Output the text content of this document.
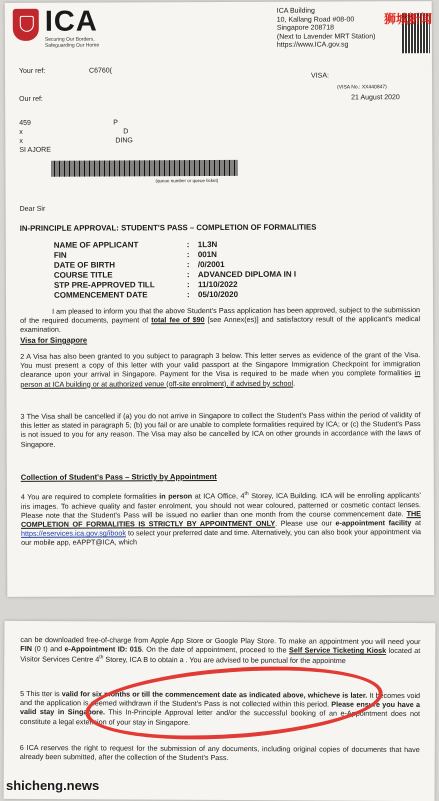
ICA
Securing Our Borders,
Safeguarding Our Home
ICA Building
10, Kallang Road #08-00
Singapore 208718
(Next to Lavender MRT Station)
https://www.ICA.gov.sg
Your ref:	C6760(
Our ref:
VISA:
(VISA No.: XX440847)
21 August 2020
459
x
x
SI AJORE
P
D
DING
(queue number or queue ticket)
Dear Sir
IN-PRINCIPLE APPROVAL: STUDENT'S PASS – COMPLETION OF FORMALITIES
NAME OF APPLICANT	: 1L3N
FIN	: 001N
DATE OF BIRTH	: /0/2001
COURSE TITLE	: ADVANCED DIPLOMA IN I
STP PRE-APPROVED TILL	: 11/10/2022
COMMENCEMENT DATE	: 05/10/2020
I am pleased to inform you that the above Student's Pass application has been approved, subject to the submission of the required documents, payment of total fee of $90 [see Annex(es)] and satisfactory result of the applicant's medical examination.
Visa for Singapore
2 A Visa has also been granted to you subject to paragraph 3 below. This letter serves as evidence of the grant of the Visa. You must present a copy of this letter with your valid passport at the Singapore Immigration Checkpoint for immigration clearance upon your arrival in Singapore. Payment for the Visa is required to be made when you complete formalities in person at ICA building or at authorized venue (off-site enrolment), if advised by school.
3 The Visa shall be cancelled if (a) you do not arrive in Singapore to collect the Student's Pass within the period of validity of this letter as stated in paragraph 5; (b) you fail or are unable to complete formalities required by ICA; or (c) the Student's Pass is not issued to you for any reason. The Visa may also be cancelled by ICA on other grounds in accordance with the laws of Singapore.
Collection of Student's Pass – Strictly by Appointment
4 You are required to complete formalities in person at ICA Office, 4th Storey, ICA Building. ICA will be enrolling applicants' iris images. To achieve quality and faster enrolment, you should not wear coloured, patterned or cosmetic contact lenses. Please note that the Student's Pass will be issued no earlier than one month from the course commencement date. THE COMPLETION OF FORMALITIES IS STRICTLY BY APPOINTMENT ONLY. Please use our e-appointment facility at https://eservices.ica.gov.sg/ibook to select your preferred date and time. Alternatively, you can also book your appointment via our mobile app, eAPPT@ICA, which
狮城新闻
can be downloaded free-of-charge from Apple App Store or Google Play Store. To make an appointment you will need your FIN (0 t) and e-Appointment ID: 015. On the date of appointment, proceed to the Self Service Ticketing Kiosk located at Visitor Services Centre 4th Storey, ICA B to obtain a . You are advised to be punctual for the appointme
5 This tter is valid for six months or till the commencement date as indicated above, whicheve is later. It becomes void and the application is deemed withdrawn if the Student's Pass is not collected within this period. Please ensure you have a valid stay in Singapore. This In-Principle Approval letter and/or the successful booking of an e-Appointment does not constitute a legal extension of your stay in Singapore.
6 ICA reserves the right to request for the submission of any documents, including original copies of documents that have already been submitted, after the collection of the Student's Pass.
shicheng.news
